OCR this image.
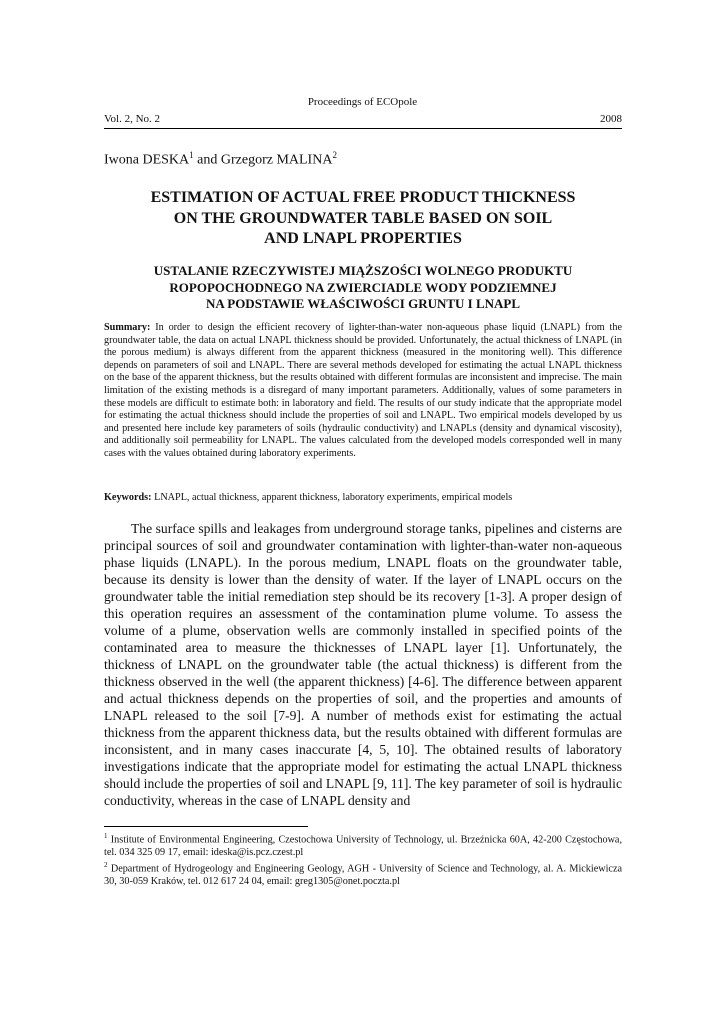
Proceedings of ECOpole
Vol. 2, No. 2	2008
Iwona DESKA$^1$ and Grzegorz MALINA$^2$
ESTIMATION OF ACTUAL FREE PRODUCT THICKNESS
ON THE GROUNDWATER TABLE BASED ON SOIL
AND LNAPL PROPERTIES
USTALANIE RZECZYWISTEJ MIĄŻSZOŚCI WOLNEGO PRODUKTU
ROPOPOCHODNEGO NA ZWIERCIADLE WODY PODZIEMNEJ
NA PODSTAWIE WŁAŚCIWOŚCI GRUNTU I LNAPL

Summary: In order to design the efficient recovery of lighter-than-water non-aqueous phase liquid (LNAPL) from the groundwater table, the data on actual LNAPL thickness should be provided. Unfortunately, the actual thickness of LNAPL (in the porous medium) is always different from the apparent thickness (measured in the monitoring well). This difference depends on parameters of soil and LNAPL. There are several methods developed for estimating the actual LNAPL thickness on the base of the apparent thickness, but the results obtained with different formulas are inconsistent and imprecise. The main limitation of the existing methods is a disregard of many important parameters. Additionally, values of some parameters in these models are difficult to estimate both: in laboratory and field. The results of our study indicate that the appropriate model for estimating the actual thickness should include the properties of soil and LNAPL. Two empirical models developed by us and presented here include key parameters of soils (hydraulic conductivity) and LNAPLs (density and dynamical viscosity), and additionally soil permeability for LNAPL. The values calculated from the developed models corresponded well in many cases with the values obtained during laboratory experiments.

Keywords: LNAPL, actual thickness, apparent thickness, laboratory experiments, empirical models

The surface spills and leakages from underground storage tanks, pipelines and cisterns are principal sources of soil and groundwater contamination with lighter-than-water non-aqueous phase liquids (LNAPL). In the porous medium, LNAPL floats on the groundwater table, because its density is lower than the density of water. If the layer of LNAPL occurs on the groundwater table the initial remediation step should be its recovery [1-3]. A proper design of this operation requires an assessment of the contamination plume volume. To assess the volume of a plume, observation wells are commonly installed in specified points of the contaminated area to measure the thicknesses of LNAPL layer [1]. Unfortunately, the thickness of LNAPL on the groundwater table (the actual thickness) is different from the thickness observed in the well (the apparent thickness) [4-6]. The difference between apparent and actual thickness depends on the properties of soil, and the properties and amounts of LNAPL released to the soil [7-9]. A number of methods exist for estimating the actual thickness from the apparent thickness data, but the results obtained with different formulas are inconsistent, and in many cases inaccurate [4, 5, 10]. The obtained results of laboratory investigations indicate that the appropriate model for estimating the actual LNAPL thickness should include the properties of soil and LNAPL [9, 11]. The key parameter of soil is hydraulic conductivity, whereas in the case of LNAPL density and

$^1$ Institute of Environmental Engineering, Czestochowa University of Technology, ul. Brzeźnicka 60A, 42-200 Częstochowa, tel. 034 325 09 17, email: ideska@is.pcz.czest.pl

$^2$ Department of Hydrogeology and Engineering Geology, AGH - University of Science and Technology, al. A. Mickiewicza 30, 30-059 Kraków, tel. 012 617 24 04, email: greg1305@onet.poczta.pl
